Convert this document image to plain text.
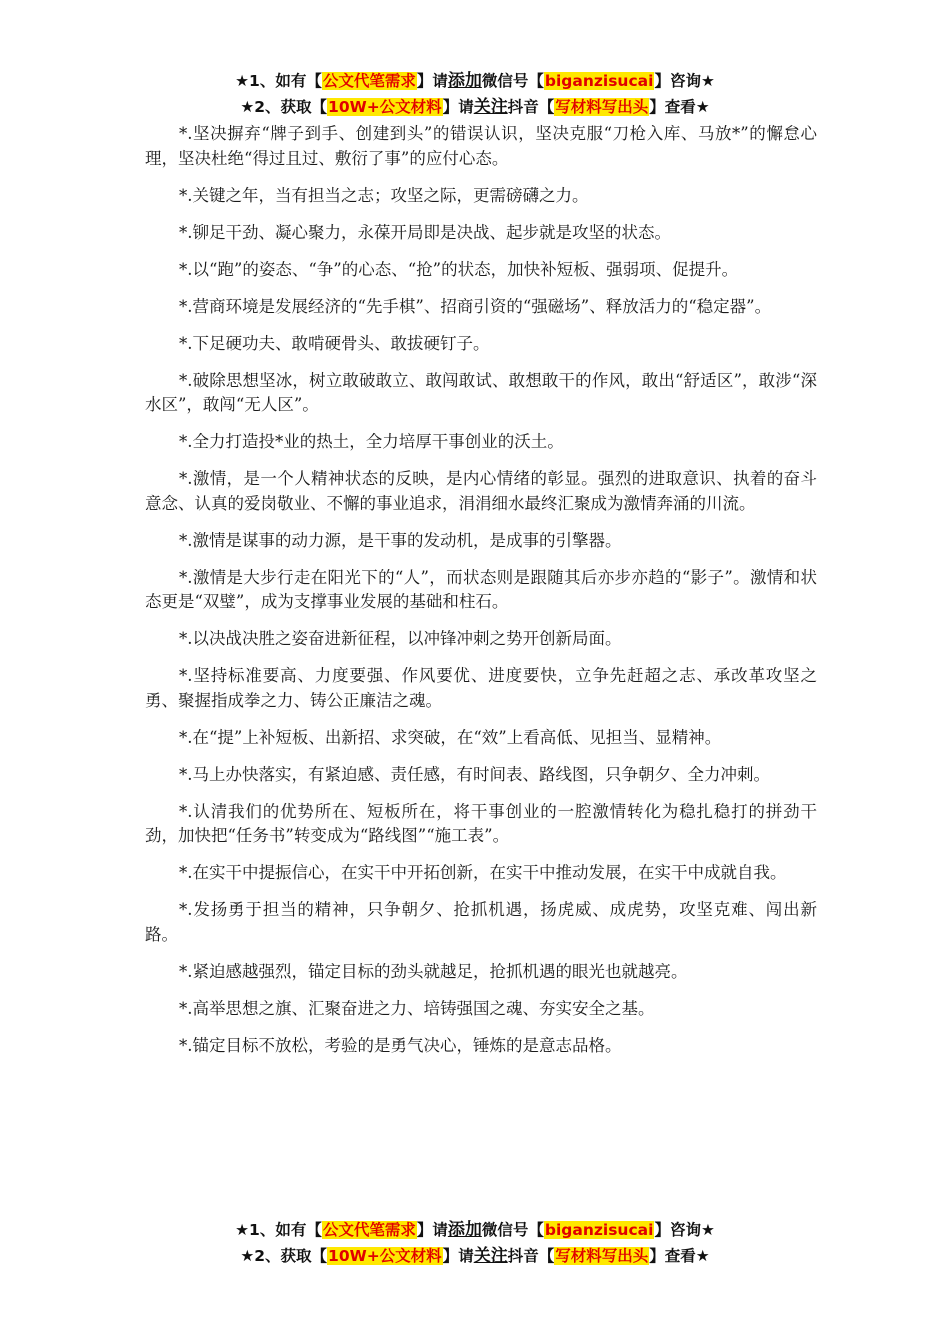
★1、如有【公文代笔需求】请添加微信号【biganzisucai】咨询★
★2、获取【10W+公文材料】请关注抖音【写材料写出头】查看★

*.坚决摒弃“牌子到手、创建到头”的错误认识，坚决克服“刀枪入库、马放*”的懈怠心理，坚决杜绝“得过且过、敷衍了事”的应付心态。

*.关键之年，当有担当之志；攻坚之际，更需磅礴之力。

*.铆足干劲、凝心聚力，永葆开局即是决战、起步就是攻坚的状态。

*.以“跑”的姿态、“争”的心态、“抢”的状态，加快补短板、强弱项、促提升。

*.营商环境是发展经济的“先手棋”、招商引资的“强磁场”、释放活力的“稳定器”。

*.下足硬功夫、敢啃硬骨头、敢拔硬钉子。

*.破除思想坚冰，树立敢破敢立、敢闯敢试、敢想敢干的作风，敢出“舒适区”，敢涉“深水区”，敢闯“无人区”。

*.全力打造投*业的热土，全力培厚干事创业的沃土。

*.激情，是一个人精神状态的反映，是内心情绪的彰显。强烈的进取意识、执着的奋斗意念、认真的爱岗敬业、不懈的事业追求，涓涓细水最终汇聚成为激情奔涌的川流。

*.激情是谋事的动力源，是干事的发动机，是成事的引擎器。

*.激情是大步行走在阳光下的“人”，而状态则是跟随其后亦步亦趋的“影子”。激情和状态更是“双璧”，成为支撑事业发展的基础和柱石。

*.以决战决胜之姿奋进新征程，以冲锋冲刺之势开创新局面。

*.坚持标准要高、力度要强、作风要优、进度要快，立争先赶超之志、承改革攻坚之勇、聚握指成拳之力、铸公正廉洁之魂。

*.在“提”上补短板、出新招、求突破，在“效”上看高低、见担当、显精神。

*.马上办快落实，有紧迫感、责任感，有时间表、路线图，只争朝夕、全力冲刺。

*.认清我们的优势所在、短板所在，将干事创业的一腔激情转化为稳扎稳打的拼劲干劲，加快把“任务书”转变成为“路线图”“施工表”。

*.在实干中提振信心，在实干中开拓创新，在实干中推动发展，在实干中成就自我。

*.发扬勇于担当的精神，只争朝夕、抢抓机遇，扬虎威、成虎势，攻坚克难、闯出新路。

*.紧迫感越强烈，锚定目标的劲头就越足，抢抓机遇的眼光也就越亮。

*.高举思想之旗、汇聚奋进之力、培铸强国之魂、夯实安全之基。

*.锚定目标不放松，考验的是勇气决心，锤炼的是意志品格。

★1、如有【公文代笔需求】请添加微信号【biganzisucai】咨询★
★2、获取【10W+公文材料】请关注抖音【写材料写出头】查看★
